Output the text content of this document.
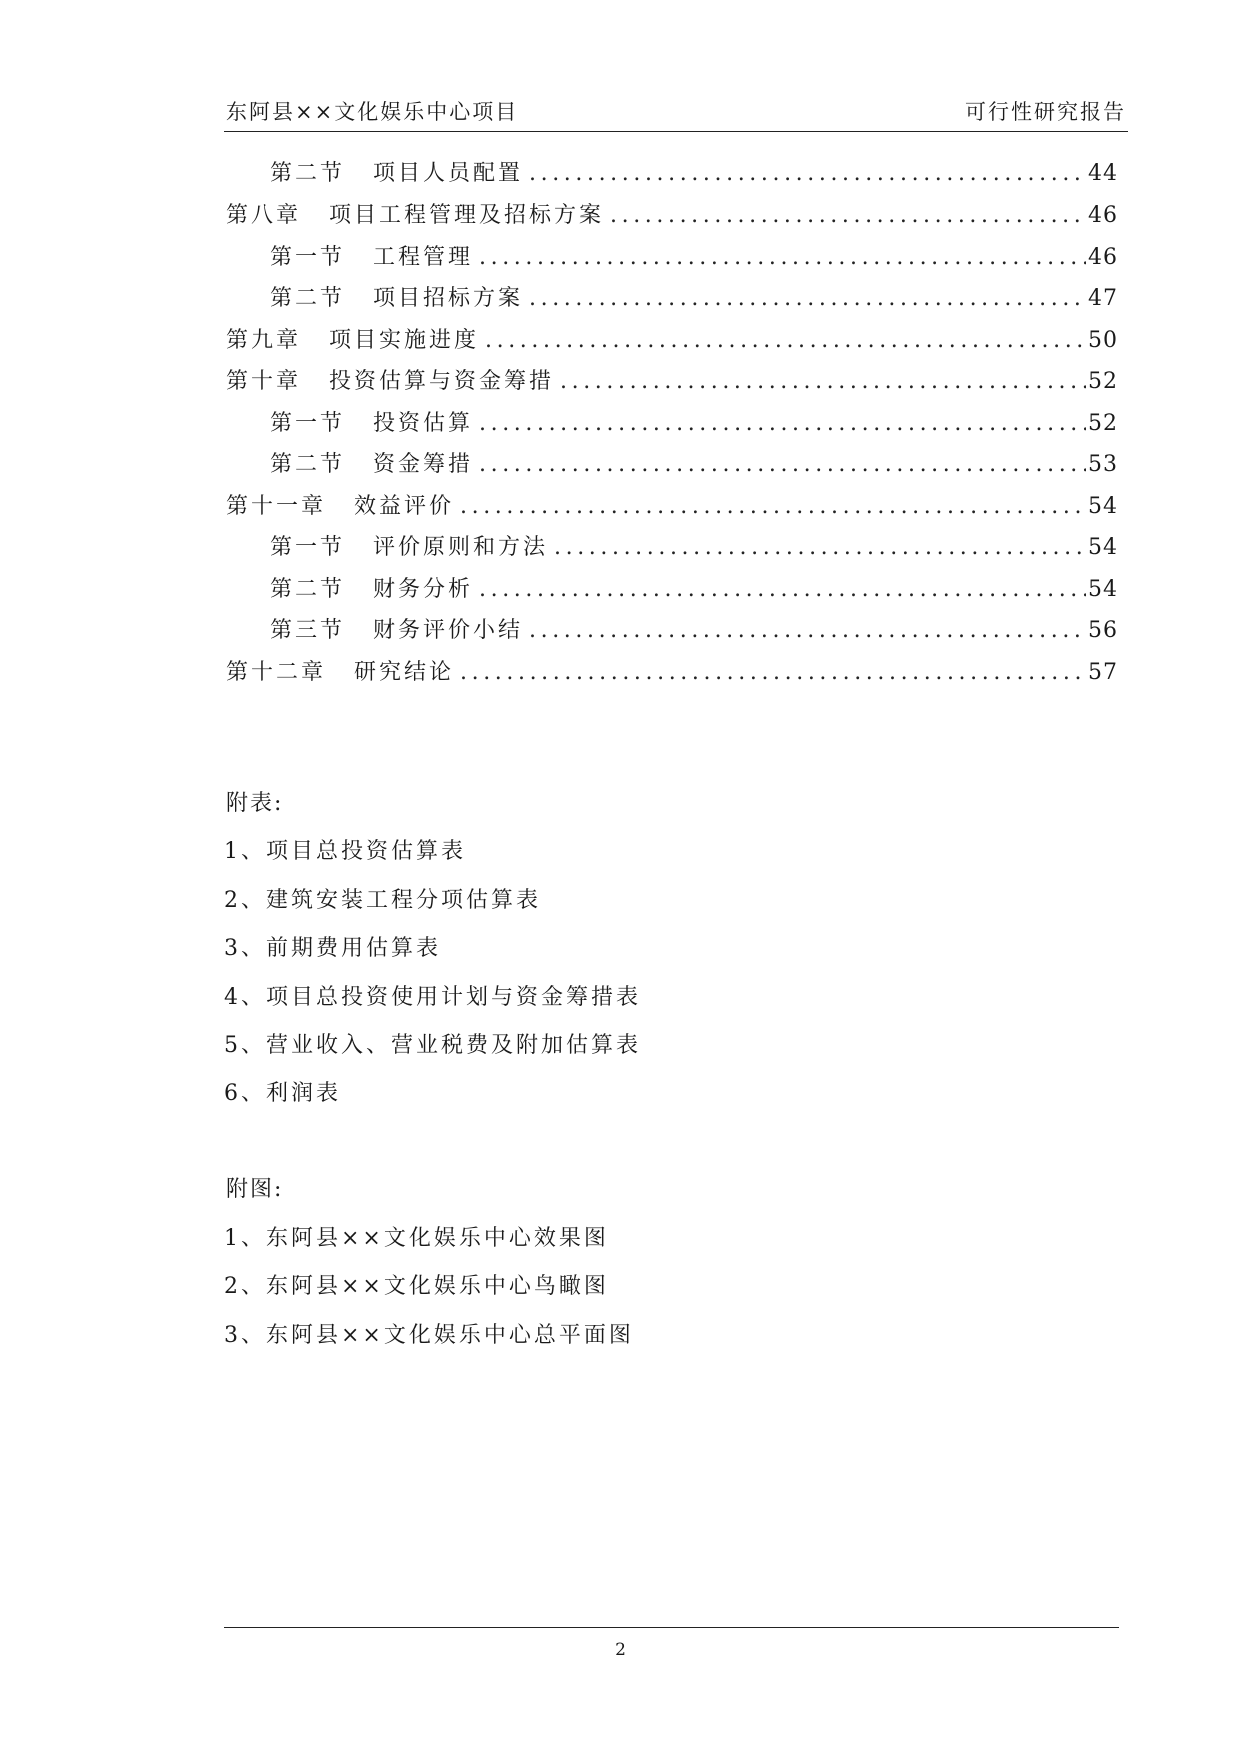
东阿县××文化娱乐中心项目	可行性研究报告
第二节 项目人员配置 .....	44
第八章 项目工程管理及招标方案 .....	46
第一节 工程管理 .....	46
第二节 项目招标方案 .....	47
第九章 项目实施进度 .....	50
第十章 投资估算与资金筹措 .....	52
第一节 投资估算 .....	52
第二节 资金筹措 .....	53
第十一章 效益评价 .....	54
第一节 评价原则和方法 .....	54
第二节 财务分析 .....	54
第三节 财务评价小结 .....	56
第十二章 研究结论 .....	57
附表:
1、项目总投资估算表
2、建筑安装工程分项估算表
3、前期费用估算表
4、项目总投资使用计划与资金筹措表
5、营业收入、营业税费及附加估算表
6、利润表
附图:
1、东阿县××文化娱乐中心效果图
2、东阿县××文化娱乐中心鸟瞰图
3、东阿县××文化娱乐中心总平面图
2
